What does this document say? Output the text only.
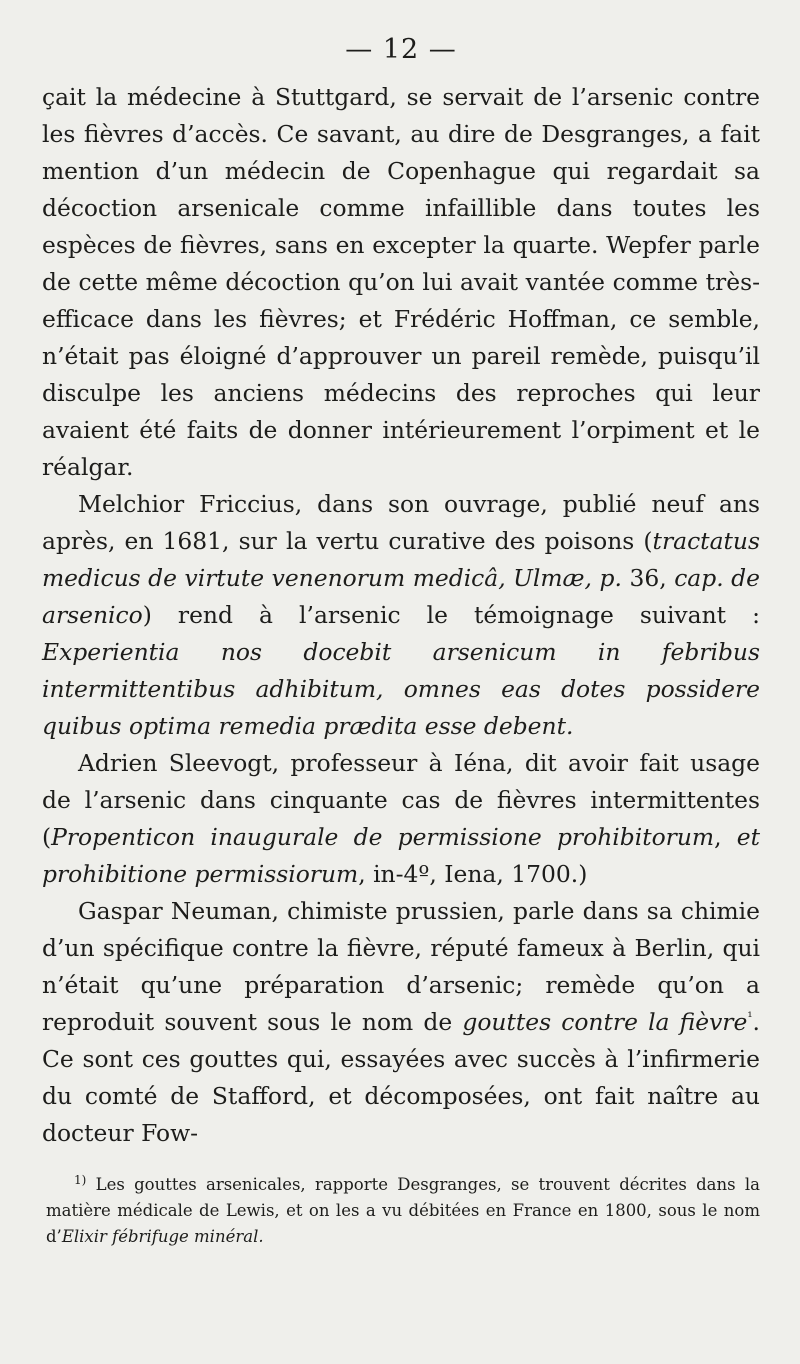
— 12 —

çait la médecine à Stuttgard, se servait de l’arsenic contre les fièvres d’accès. Ce savant, au dire de Desgranges, a fait mention d’un médecin de Copenhague qui regardait sa décoction arsenicale comme infaillible dans toutes les espèces de fièvres, sans en excepter la quarte. Wepfer parle de cette même décoction qu’on lui avait vantée comme très-efficace dans les fièvres; et Frédéric Hoffman, ce semble, n’était pas éloigné d’approuver un pareil remède, puisqu’il disculpe les anciens médecins des reproches qui leur avaient été faits de donner intérieurement l’orpiment et le réalgar.

Melchior Friccius, dans son ouvrage, publié neuf ans après, en 1681, sur la vertu curative des poisons (tractatus medicus de virtute venenorum medicâ, Ulmæ, p. 36, cap. de arsenico) rend à l’arsenic le témoignage suivant : Experientia nos docebit arsenicum in febribus intermittentibus adhibitum, omnes eas dotes possidere quibus optima remedia prædita esse debent.

Adrien Sleevogt, professeur à Iéna, dit avoir fait usage de l’arsenic dans cinquante cas de fièvres intermittentes (Propenticon inaugurale de permissione prohibitorum, et prohibitione permissiorum, in-4º, Iena, 1700.)

Gaspar Neuman, chimiste prussien, parle dans sa chimie d’un spécifique contre la fièvre, réputé fameux à Berlin, qui n’était qu’une préparation d’arsenic; remède qu’on a reproduit souvent sous le nom de gouttes contre la fièvre$^{^1}$. Ce sont ces gouttes qui, essayées avec succès à l’infirmerie du comté de Stafford, et décomposées, ont fait naître au docteur Fow-

$^{1)}$ Les gouttes arsenicales, rapporte Desgranges, se trouvent décrites dans la matière médicale de Lewis, et on les a vu débitées en France en 1800, sous le nom d’Elixir fébrifuge minéral.
